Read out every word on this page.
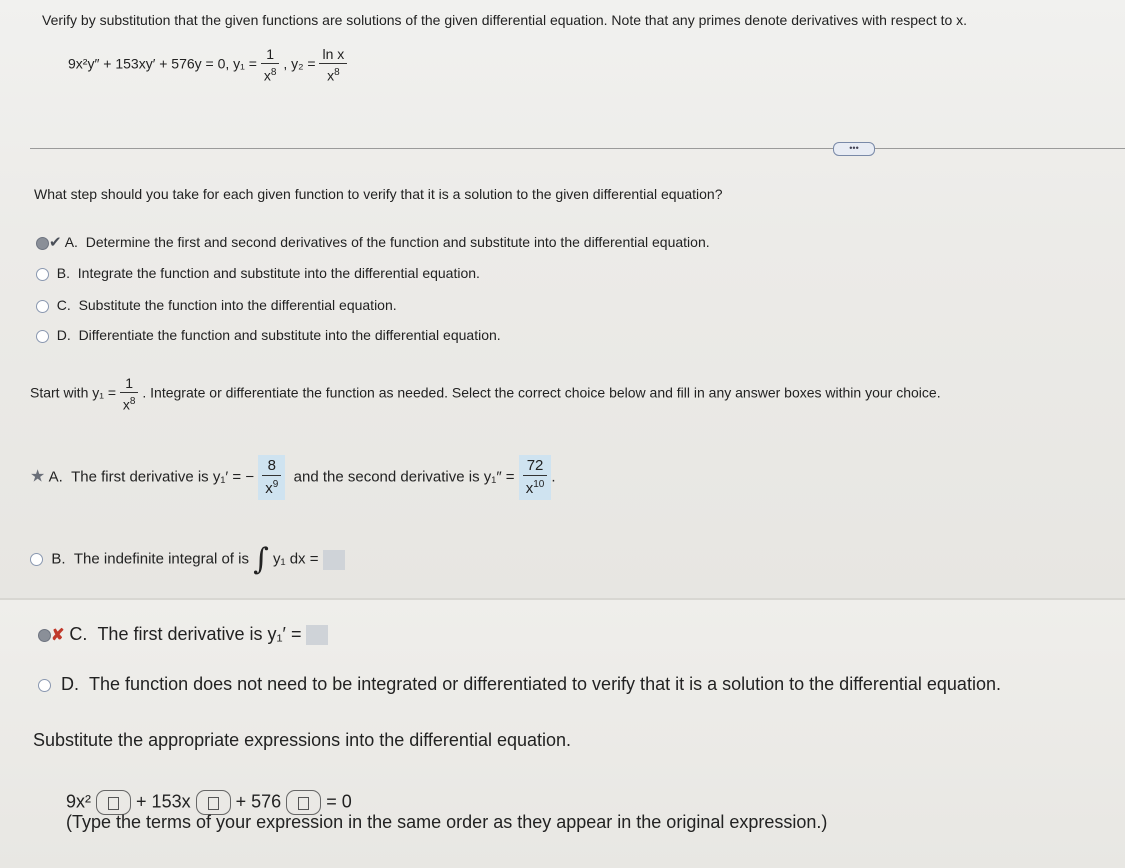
Verify by substitution that the given functions are solutions of the given differential equation. Note that any primes denote derivatives with respect to x.
9x²y″ + 153xy′ + 576y = 0, $y_1 = \frac{1}{x^8}$ , $y_2 = \frac{\text{ln x}}{x^8}$
•••
What step should you take for each given function to verify that it is a solution to the given differential equation?
✔ A. Determine the first and second derivatives of the function and substitute into the differential equation.
B. Integrate the function and substitute into the differential equation.
C. Substitute the function into the differential equation.
D. Differentiate the function and substitute into the differential equation.
Start with $y_1 = \frac{1}{x^8}$ . Integrate or differentiate the function as needed. Select the correct choice below and fill in any answer boxes within your choice.
★ A. The first derivative is y₁′ = − $\frac{8}{x^9}$ and the second derivative is $y_1'' = \frac{72}{x^{10}}$ .
B. The indefinite integral of is ∫ y₁ dx =
✘ C. The first derivative is y₁′ =
D. The function does not need to be integrated or differentiated to verify that it is a solution to the differential equation.
Substitute the appropriate expressions into the differential equation.
9x²	+ 153x	+ 576	= 0
(Type the terms of your expression in the same order as they appear in the original expression.)
